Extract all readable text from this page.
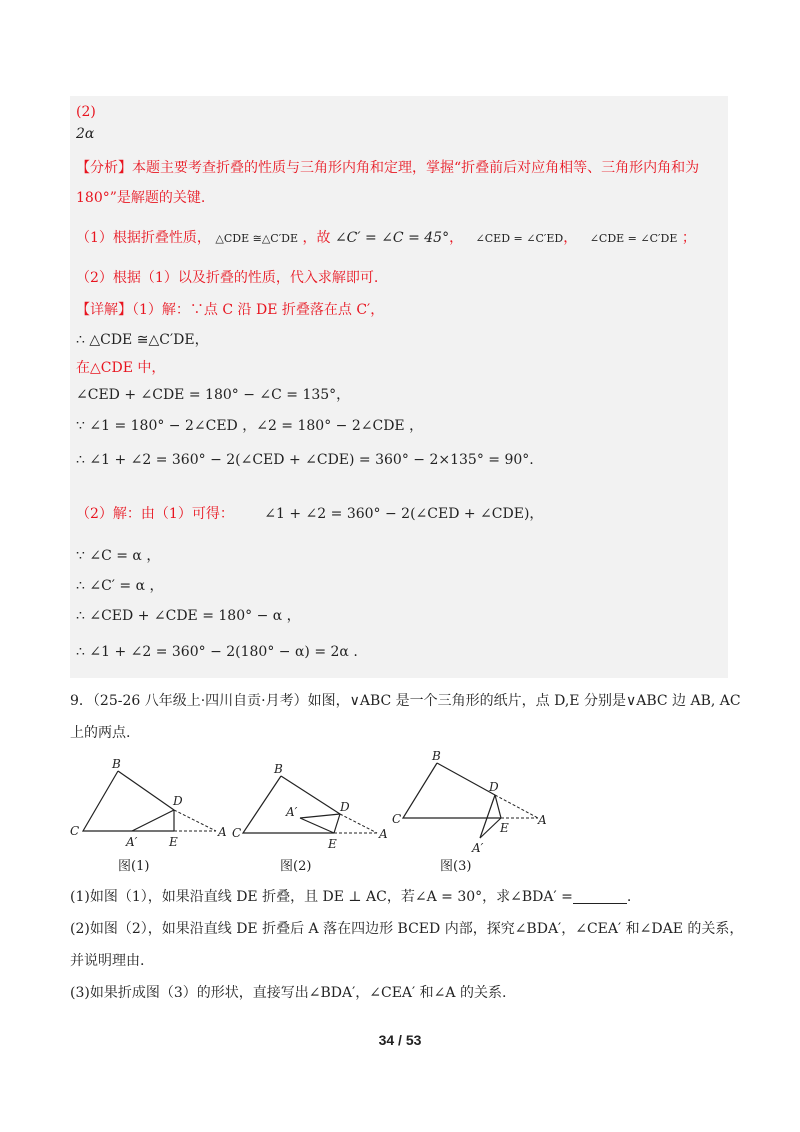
(2)
2α
【分析】本题主要考查折叠的性质与三角形内角和定理，掌握“折叠前后对应角相等、三角形内角和为
180°”是解题的关键.
（1）根据折叠性质， △CDE ≅△C′DE ，故 ∠C′ = ∠C = 45°， ∠CED = ∠C′ED， ∠CDE = ∠C′DE ；
（2）根据（1）以及折叠的性质，代入求解即可.
【详解】（1）解：∵点 C 沿 DE 折叠落在点 C′，
∴ △CDE ≅△C′DE，
在△CDE 中，
∠CED + ∠CDE = 180° − ∠C = 135°，
∵ ∠1 = 180° − 2∠CED ，∠2 = 180° − 2∠CDE ，
∴ ∠1 + ∠2 = 360° − 2(∠CED + ∠CDE) = 360° − 2×135° = 90°.
（2）解：由（1）可得： ∠1 + ∠2 = 360° − 2(∠CED + ∠CDE)，
∵ ∠C = α ，
∴ ∠C′ = α ，
∴ ∠CED + ∠CDE = 180° − α ，
∴ ∠1 + ∠2 = 360° − 2(180° − α) = 2α .
9．（25-26 八年级上·四川自贡·月考）如图，∨ABC 是一个三角形的纸片，点 D,E 分别是∨ABC 边 AB, AC
上的两点.
B
C
D
E
A
A′
图(1)
B
C
D
E
A
A′
图(2)
B
C
D
E
A
A′
图(3)
(1)如图（1），如果沿直线 DE 折叠，且 DE ⊥ AC，若∠A = 30°，求∠BDA′ =	.
(2)如图（2），如果沿直线 DE 折叠后 A 落在四边形 BCED 内部，探究∠BDA′，∠CEA′ 和∠DAE 的关系，
并说明理由.
(3)如果折成图（3）的形状，直接写出∠BDA′，∠CEA′ 和∠A 的关系.
34 / 53
